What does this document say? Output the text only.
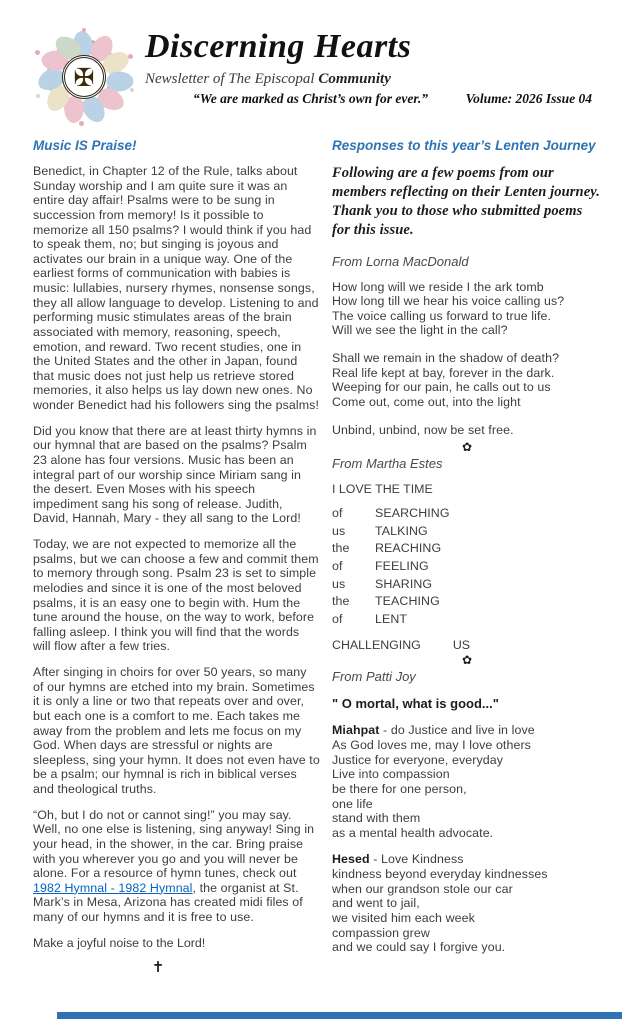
✠
Discerning Hearts
Newsletter of The Episcopal Community
“We are marked as Christ’s own for ever.”	Volume: 2026 Issue 04
Music IS Praise!

Benedict, in Chapter 12 of the Rule, talks about Sunday worship and I am quite sure it was an entire day affair! Psalms were to be sung in succession from memory! Is it possible to memorize all 150 psalms? I would think if you had to speak them, no; but singing is joyous and activates our brain in a unique way. One of the earliest forms of communication with babies is music: lullabies, nursery rhymes, nonsense songs, they all allow language to develop. Listening to and performing music stimulates areas of the brain associated with memory, reasoning, speech, emotion, and reward. Two recent studies, one in the United States and the other in Japan, found that music does not just help us retrieve stored memories, it also helps us lay down new ones. No wonder Benedict had his followers sing the psalms!

Did you know that there are at least thirty hymns in our hymnal that are based on the psalms? Psalm 23 alone has four versions. Music has been an integral part of our worship since Miriam sang in the desert. Even Moses with his speech impediment sang his song of release. Judith, David, Hannah, Mary - they all sang to the Lord!

Today, we are not expected to memorize all the psalms, but we can choose a few and commit them to memory through song. Psalm 23 is set to simple melodies and since it is one of the most beloved psalms, it is an easy one to begin with. Hum the tune around the house, on the way to work, before falling asleep. I think you will find that the words will flow after a few tries.

After singing in choirs for over 50 years, so many of our hymns are etched into my brain. Sometimes it is only a line or two that repeats over and over, but each one is a comfort to me. Each takes me away from the problem and lets me focus on my God. When days are stressful or nights are sleepless, sing your hymn. It does not even have to be a psalm; our hymnal is rich in biblical verses and theological truths.

“Oh, but I do not or cannot sing!” you may say. Well, no one else is listening, sing anyway! Sing in your head, in the shower, in the car. Bring praise with you wherever you go and you will never be alone. For a resource of hymn tunes, check out 1982 Hymnal - 1982 Hymnal, the organist at St. Mark’s in Mesa, Arizona has created midi files of many of our hymns and it is free to use.

Make a joyful noise to the Lord!

✝
Responses to this year’s Lenten Journey

Following are a few poems from our members reflecting on their Lenten journey. Thank you to those who submitted poems for this issue.

From Lorna MacDonald
How long will we reside I the ark tomb
How long till we hear his voice calling us?
The voice calling us forward to true life.
Will we see the light in the call?
Shall we remain in the shadow of death?
Real life kept at bay, forever in the dark.
Weeping for our pain, he calls out to us
Come out, come out, into the light
Unbind, unbind, now be set free.
✿
From Martha Estes
I LOVE THE TIME
of	SEARCHING
us	TALKING
the	REACHING
of	FEELING
us	SHARING
the	TEACHING
of	LENT
CHALLENGING	US
✿
From Patti Joy
" O mortal, what is good..."
Miahpat - do Justice and live in love
As God loves me, may I love others
Justice for everyone, everyday
Live into compassion
be there for one person,
one life
stand with them
as a mental health advocate.
Hesed - Love Kindness
kindness beyond everyday kindnesses
when our grandson stole our car
and went to jail,
we visited him each week
compassion grew
and we could say I forgive you.
